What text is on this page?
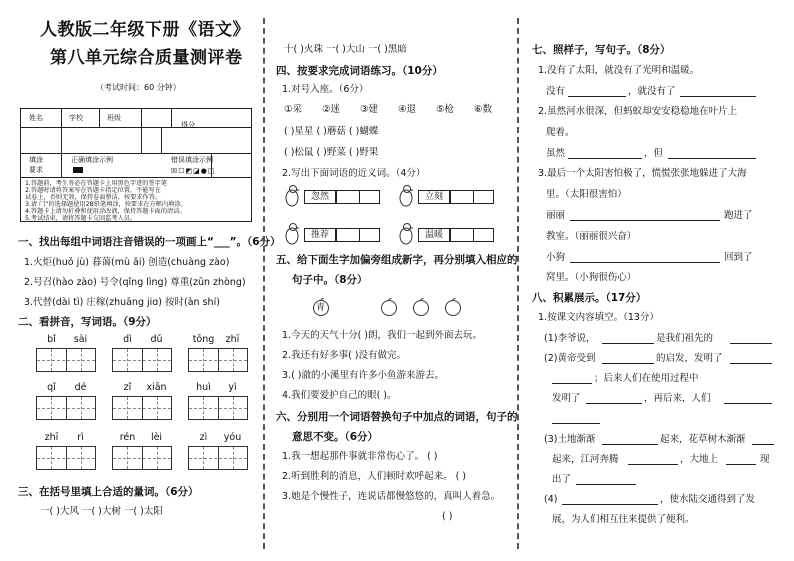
人教版二年级下册《语文》
第八单元综合质量测评卷
（考试时间：60 分钟）
姓名	学校	班级
得分
填涂
要求
正确填涂示例	错误填涂示例
☒☐◩◪●◫
1.答题前，考生务必在答题卡上用黑色字迹的签字笔
2.答题时请将答案写在答题卡指定位置，不能写在
试卷上，否则无效，保持卷面整洁，按要求作答。
3.请 门”的选择题使用2B铅笔填涂，按要求在方框内填涂。
4.答题卡上请勿折叠和使用涂改液，保持答题卡面的清洁。
5.考试结束，请将答题卡交回监考人员。
一、找出每组中词语注音错误的一项画上“___”。（6分）
1.火炬(huǒ jù) 暮蔼(mù ǎi) 创造(chuàng zào)
2.号召(hào zào) 号令(qǐng lìng) 尊重(zūn zhòng)
3.代替(dài tì) 庄稼(zhuāng jiɑ) 按时(àn shí)
二、看拼音，写词语。（9分）
bǐ sài	dì dǔ	tōng zhī
qǐ dé	zǐ xiān	huì yì
zhī rì	rén lèi	zì yóu
三、在括号里填上合适的量词。（6分）
一( )大风 一( )大树 一( )太阳
十( )火珠 一( )大山 一( )黑暗
四、按要求完成词语练习。（10分）
1.对号入座。（6分）
①采 ②迷 ③建 ④退 ⑤枪 ⑥数
( )星星 ( )蘑菇 ( )蝴蝶
( )松鼠 ( )野菜 ( )野果
2.写出下面词语的近义词。（4分）
忽然	立刻
推荐	温暖
五、给下面生字加偏旁组成新字，再分别填入相应的
句子中。（8分）
青
1.今天的天气十分( )朗，我们一起到外面去玩。
2.我还有好多事( )没有做完。
3.( )澈的小溪里有许多小鱼游来游去。
4.我们要爱护自己的眼( )。
六、分别用一个词语替换句子中加点的词语，句子的
意思不变。（6分）
1.我一想起那件事就非常伤心了。 ( )
2.听到胜利的消息，人们顿时欢呼起来。 ( )
3.她是个慢性子，连说话都慢悠悠的，真叫人着急。
( )
七、照样子，写句子。（8分）
1.没有了太阳，就没有了光明和温暖。
没有	，就没有了
2.虽然河水很深，但蚂蚁却安安稳稳地在叶片上
爬着。
虽然	，但
3.最后一个太阳害怕极了，慌慌张张地躲进了大海
里。（太阳很害怕）
丽丽	跑进了
教室。（丽丽很兴奋）
小狗	回到了
窝里。（小狗很伤心）
八、积累展示。（17分）
1.按课文内容填空。（13分）
(1)李爷说，	是我们祖先的
(2)黄帝受到	的启发，发明了
；后来人们在使用过程中
发明了	，再后来，人们
(3)土地渐渐	起来，花草树木渐渐
起来，江河奔腾	，大地上	现
出了
(4)	，使水陆交通得到了发
展，为人们相互往来提供了便利。
